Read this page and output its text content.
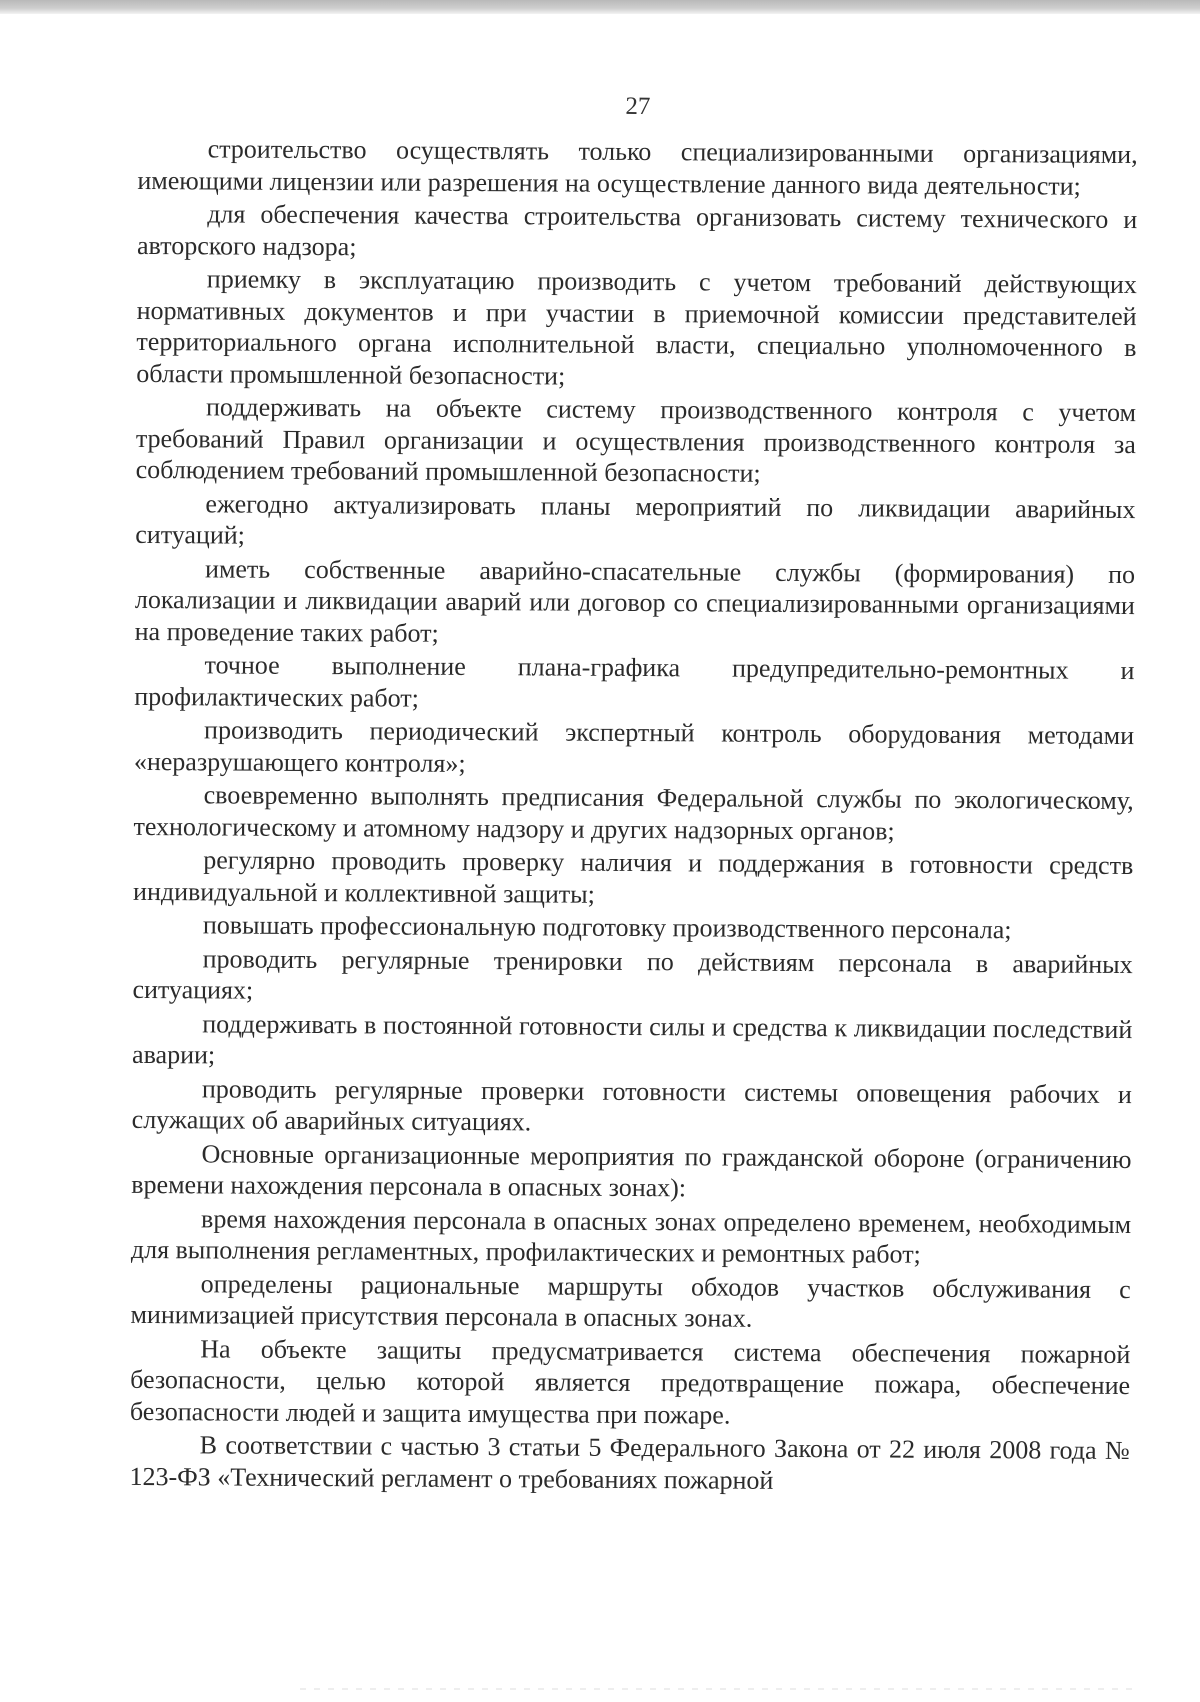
27

строительство осуществлять только специализированными организациями, имеющими лицензии или разрешения на осуществление данного вида деятельности;

для обеспечения качества строительства организовать систему технического и авторского надзора;

приемку в эксплуатацию производить с учетом требований действующих нормативных документов и при участии в приемочной комиссии представителей территориального органа исполнительной власти, специально уполномоченного в области промышленной безопасности;

поддерживать на объекте систему производственного контроля с учетом требований Правил организации и осуществления производственного контроля за соблюдением требований промышленной безопасности;

ежегодно актуализировать планы мероприятий по ликвидации аварийных ситуаций;

иметь собственные аварийно-спасательные службы (формирования) по локализации и ликвидации аварий или договор со специализированными организациями на проведение таких работ;

точное выполнение плана-графика предупредительно-ремонтных и профилактических работ;

производить периодический экспертный контроль оборудования методами «неразрушающего контроля»;

своевременно выполнять предписания Федеральной службы по экологическому, технологическому и атомному надзору и других надзорных органов;

регулярно проводить проверку наличия и поддержания в готовности средств индивидуальной и коллективной защиты;

повышать профессиональную подготовку производственного персонала;

проводить регулярные тренировки по действиям персонала в аварийных ситуациях;

поддерживать в постоянной готовности силы и средства к ликвидации последствий аварии;

проводить регулярные проверки готовности системы оповещения рабочих и служащих об аварийных ситуациях.

Основные организационные мероприятия по гражданской обороне (ограничению времени нахождения персонала в опасных зонах):

время нахождения персонала в опасных зонах определено временем, необходимым для выполнения регламентных, профилактических и ремонтных работ;

определены рациональные маршруты обходов участков обслуживания с минимизацией присутствия персонала в опасных зонах.

На объекте защиты предусматривается система обеспечения пожарной безопасности, целью которой является предотвращение пожара, обеспечение безопасности людей и защита имущества при пожаре.

В соответствии с частью 3 статьи 5 Федерального Закона от 22 июля 2008 года № 123-ФЗ «Технический регламент о требованиях пожарной
